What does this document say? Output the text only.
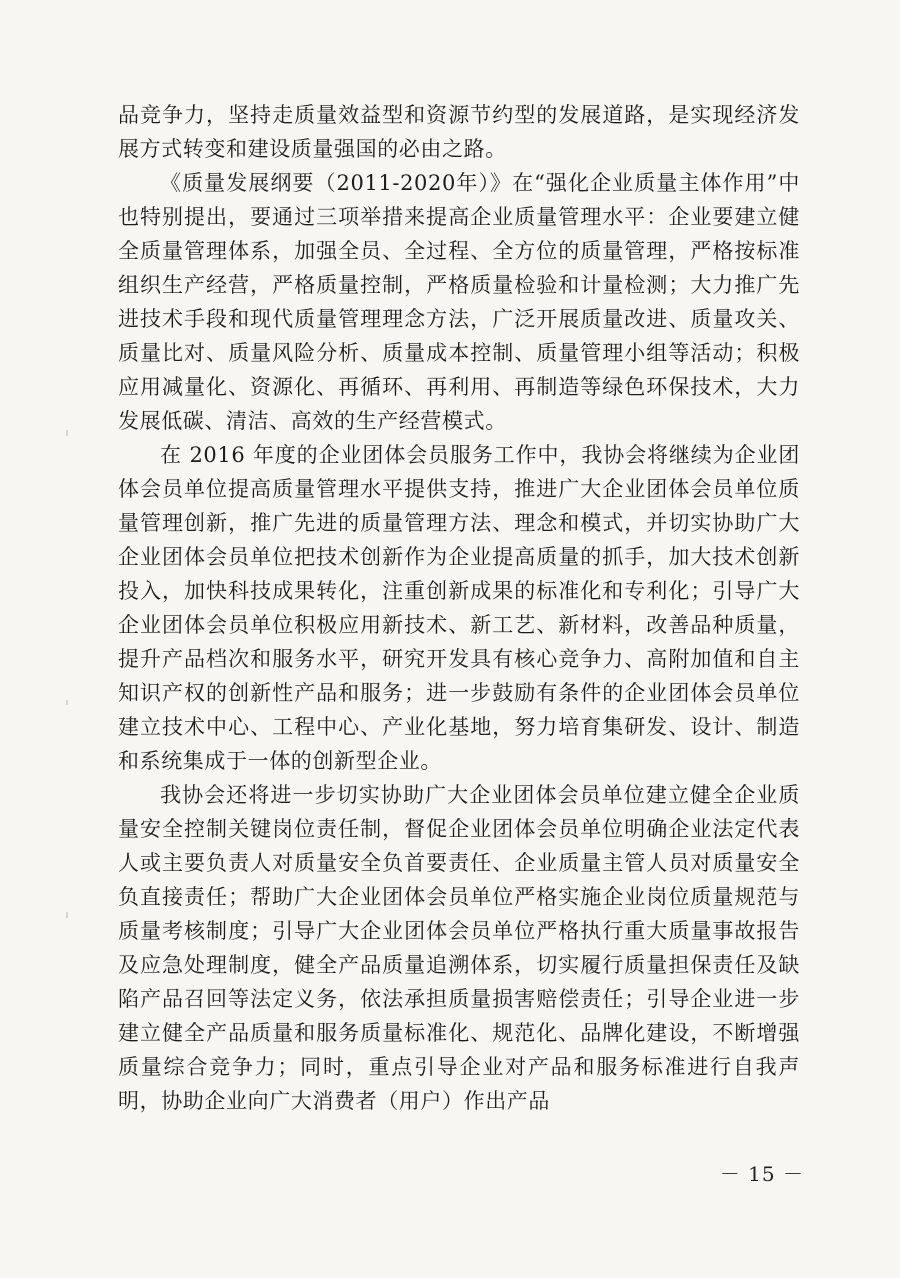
品竞争力，坚持走质量效益型和资源节约型的发展道路，是实现经济发展方式转变和建设质量强国的必由之路。

《质量发展纲要（2011-2020年）》在“强化企业质量主体作用”中也特别提出，要通过三项举措来提高企业质量管理水平：企业要建立健全质量管理体系，加强全员、全过程、全方位的质量管理，严格按标准组织生产经营，严格质量控制，严格质量检验和计量检测；大力推广先进技术手段和现代质量管理理念方法，广泛开展质量改进、质量攻关、质量比对、质量风险分析、质量成本控制、质量管理小组等活动；积极应用减量化、资源化、再循环、再利用、再制造等绿色环保技术，大力发展低碳、清洁、高效的生产经营模式。

在 2016 年度的企业团体会员服务工作中，我协会将继续为企业团体会员单位提高质量管理水平提供支持，推进广大企业团体会员单位质量管理创新，推广先进的质量管理方法、理念和模式，并切实协助广大企业团体会员单位把技术创新作为企业提高质量的抓手，加大技术创新投入，加快科技成果转化，注重创新成果的标准化和专利化；引导广大企业团体会员单位积极应用新技术、新工艺、新材料，改善品种质量，提升产品档次和服务水平，研究开发具有核心竞争力、高附加值和自主知识产权的创新性产品和服务；进一步鼓励有条件的企业团体会员单位建立技术中心、工程中心、产业化基地，努力培育集研发、设计、制造和系统集成于一体的创新型企业。

我协会还将进一步切实协助广大企业团体会员单位建立健全企业质量安全控制关键岗位责任制，督促企业团体会员单位明确企业法定代表人或主要负责人对质量安全负首要责任、企业质量主管人员对质量安全负直接责任；帮助广大企业团体会员单位严格实施企业岗位质量规范与质量考核制度；引导广大企业团体会员单位严格执行重大质量事故报告及应急处理制度，健全产品质量追溯体系，切实履行质量担保责任及缺陷产品召回等法定义务，依法承担质量损害赔偿责任；引导企业进一步建立健全产品质量和服务质量标准化、规范化、品牌化建设，不断增强质量综合竞争力；同时，重点引导企业对产品和服务标准进行自我声明，协助企业向广大消费者（用户）作出产品

－ 15 －
